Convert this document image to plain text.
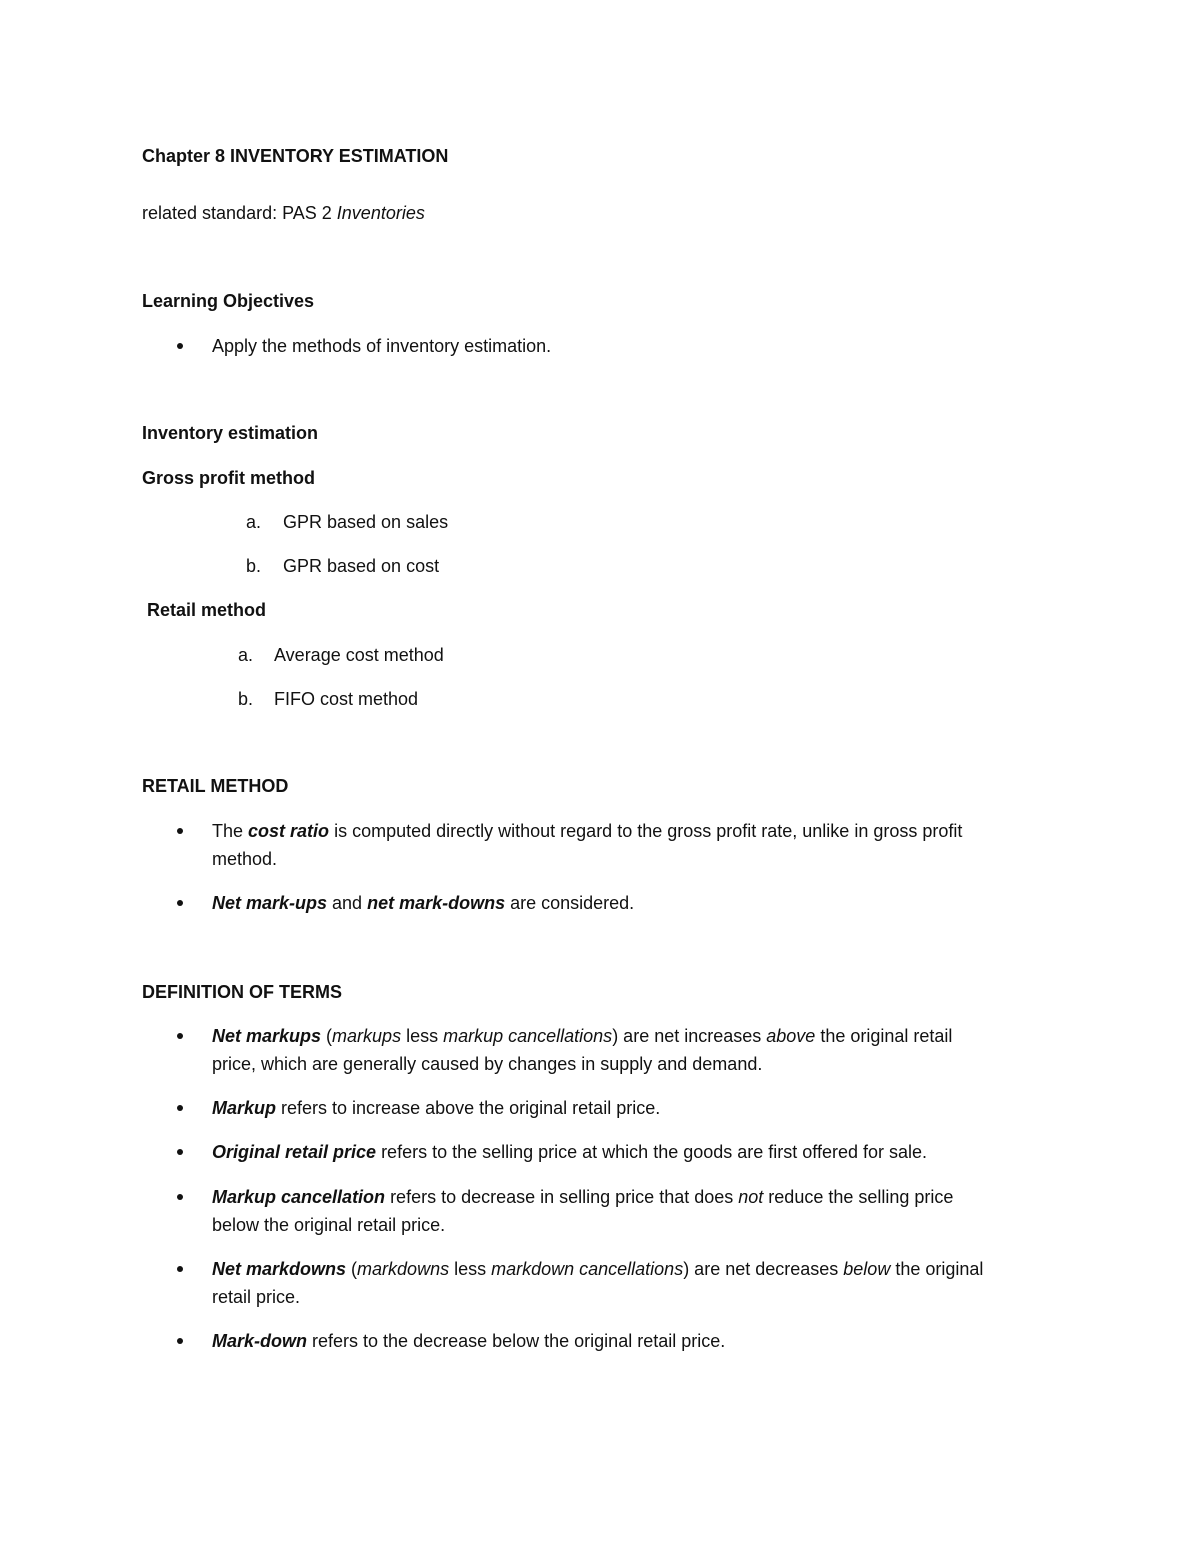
Chapter 8 INVENTORY ESTIMATION
related standard: PAS 2 Inventories
Learning Objectives
Apply the methods of inventory estimation.
Inventory estimation
Gross profit method
a. GPR based on sales
b. GPR based on cost
Retail method
a. Average cost method
b. FIFO cost method
RETAIL METHOD
The cost ratio is computed directly without regard to the gross profit rate, unlike in gross profit
method.
Net mark-ups and net mark-downs are considered.
DEFINITION OF TERMS
Net markups (markups less markup cancellations) are net increases above the original retail
price, which are generally caused by changes in supply and demand.
Markup refers to increase above the original retail price.
Original retail price refers to the selling price at which the goods are first offered for sale.
Markup cancellation refers to decrease in selling price that does not reduce the selling price
below the original retail price.
Net markdowns (markdowns less markdown cancellations) are net decreases below the original
retail price.
Mark-down refers to the decrease below the original retail price.
